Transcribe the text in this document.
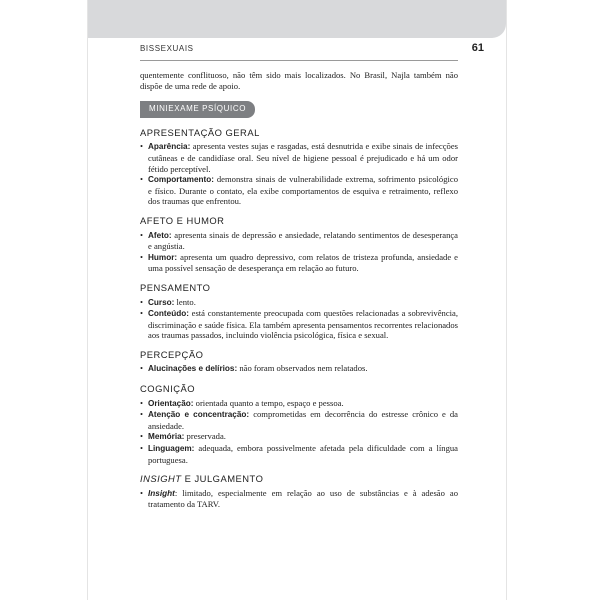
BISSEXUAIS	61

quentemente conflituoso, não têm sido mais localizados. No Brasil, Najla também não dispõe de uma rede de apoio.

MINIEXAME PSÍQUICO
APRESENTAÇÃO GERAL
• Aparência: apresenta vestes sujas e rasgadas, está desnutrida e exibe sinais de infecções cutâneas e de candidíase oral. Seu nível de higiene pessoal é prejudicado e há um odor fétido perceptível.
• Comportamento: demonstra sinais de vulnerabilidade extrema, sofrimento psicológico e físico. Durante o contato, ela exibe comportamentos de esquiva e retraimento, reflexo dos traumas que enfrentou.
AFETO E HUMOR
• Afeto: apresenta sinais de depressão e ansiedade, relatando sentimentos de desesperança e angústia.
• Humor: apresenta um quadro depressivo, com relatos de tristeza profunda, ansiedade e uma possível sensação de desesperança em relação ao futuro.
PENSAMENTO
• Curso: lento.
• Conteúdo: está constantemente preocupada com questões relacionadas a sobrevivência, discriminação e saúde física. Ela também apresenta pensamentos recorrentes relacionados aos traumas passados, incluindo violência psicológica, física e sexual.
PERCEPÇÃO
• Alucinações e delírios: não foram observados nem relatados.
COGNIÇÃO
• Orientação: orientada quanto a tempo, espaço e pessoa.
• Atenção e concentração: comprometidas em decorrência do estresse crônico e da ansiedade.
• Memória: preservada.
• Linguagem: adequada, embora possivelmente afetada pela dificuldade com a língua portuguesa.
INSIGHT E JULGAMENTO
• Insight: limitado, especialmente em relação ao uso de substâncias e à adesão ao tratamento da TARV.
